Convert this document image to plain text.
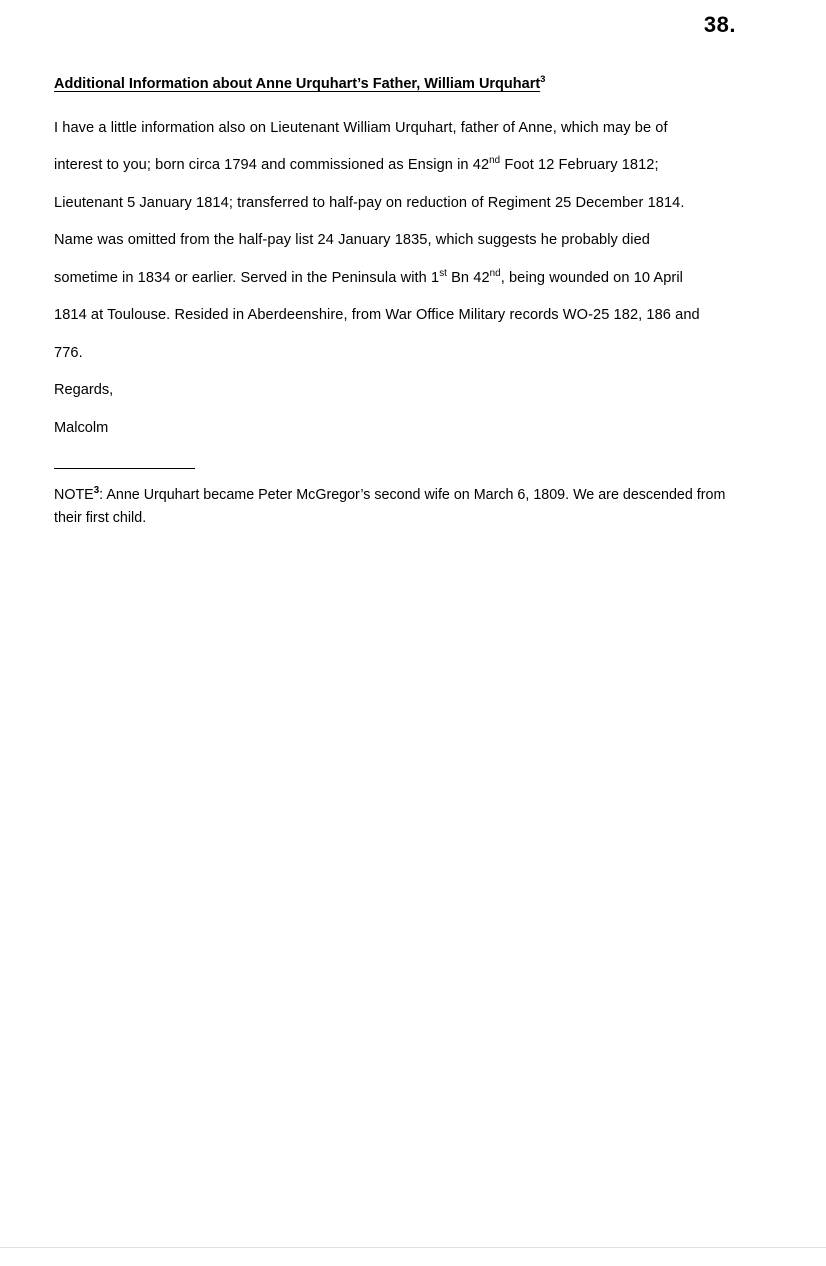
38.
Additional Information about Anne Urquhart’s Father, William Urquhart$^3$
I have a little information also on Lieutenant William Urquhart, father of Anne, which may be of interest to you; born circa 1794 and commissioned as Ensign in 42nd Foot 12 February 1812; Lieutenant 5 January 1814; transferred to half-pay on reduction of Regiment 25 December 1814. Name was omitted from the half-pay list 24 January 1835, which suggests he probably died sometime in 1834 or earlier. Served in the Peninsula with 1st Bn 42nd, being wounded on 10 April 1814 at Toulouse. Resided in Aberdeenshire, from War Office Military records WO-25 182, 186 and 776.
Regards,
Malcolm
NOTE$^3$: Anne Urquhart became Peter McGregor’s second wife on March 6, 1809. We are descended from their first child.
